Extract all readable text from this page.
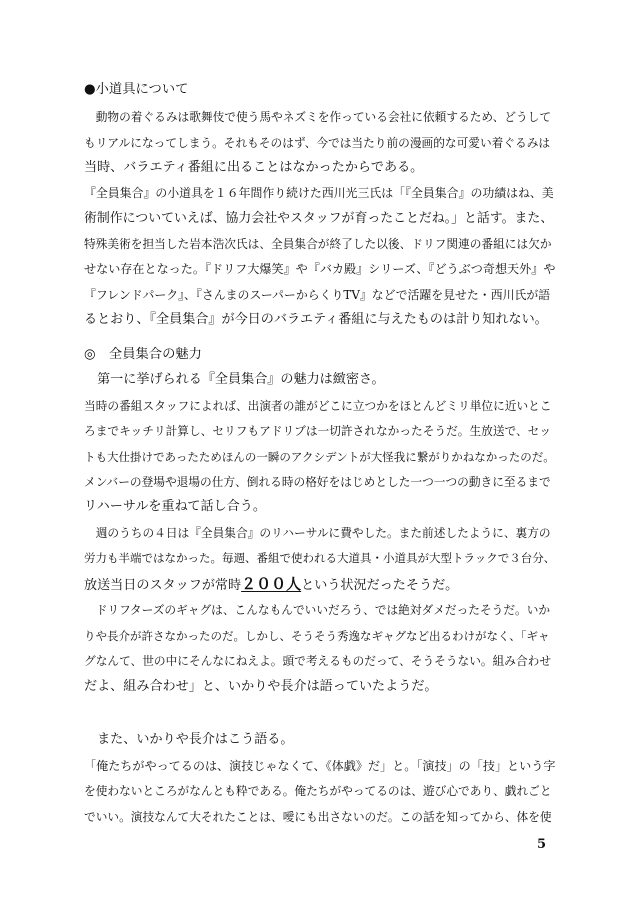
●小道具について
　動物の着ぐるみは歌舞伎で使う馬やネズミを作っている会社に依頼するため、どうして
もリアルになってしまう。それもそのはず、今では当たり前の漫画的な可愛い着ぐるみは
当時、バラエティ番組に出ることはなかったからである。
『全員集合』の小道具を１６年間作り続けた西川光三氏は「『全員集合』の功績はね、美
術制作についていえば、協力会社やスタッフが育ったことだね。」と話す。また、
特殊美術を担当した岩本浩次氏は、全員集合が終了した以後、ドリフ関連の番組には欠か
せない存在となった。『ドリフ大爆笑』や『バカ殿』シリーズ、『どうぶつ奇想天外』や
『フレンドパーク』、『さんまのスーパーからくりTV』などで活躍を見せた・西川氏が語
るとおり、『全員集合』が今日のバラエティ番組に与えたものは計り知れない。
◎　全員集合の魅力
　第一に挙げられる『全員集合』の魅力は緻密さ。
当時の番組スタッフによれば、出演者の誰がどこに立つかをほとんどミリ単位に近いとこ
ろまでキッチリ計算し、セリフもアドリブは一切許されなかったそうだ。生放送で、セッ
トも大仕掛けであったためほんの一瞬のアクシデントが大怪我に繋がりかねなかったのだ。
メンバーの登場や退場の仕方、倒れる時の格好をはじめとした一つ一つの動きに至るまで
リハーサルを重ねて話し合う。
　週のうちの４日は『全員集合』のリハーサルに費やした。また前述したように、裏方の
労力も半端ではなかった。毎週、番組で使われる大道具・小道具が大型トラックで３台分、
放送当日のスタッフが常時２００人という状況だったそうだ。
　ドリフターズのギャグは、こんなもんでいいだろう、では絶対ダメだったそうだ。いか
りや長介が許さなかったのだ。しかし、そうそう秀逸なギャグなど出るわけがなく、「ギャ
グなんて、世の中にそんなにねえよ。頭で考えるものだって、そうそうない。組み合わせ
だよ、組み合わせ」と、いかりや長介は語っていたようだ。
　また、いかりや長介はこう語る。
「俺たちがやってるのは、演技じゃなくて、《体戯》だ」と。「演技」の「技」という字
を使わないところがなんとも粋である。俺たちがやってるのは、遊び心であり、戯れごと
でいい。演技なんて大それたことは、噯にも出さないのだ。この話を知ってから、体を使
5
